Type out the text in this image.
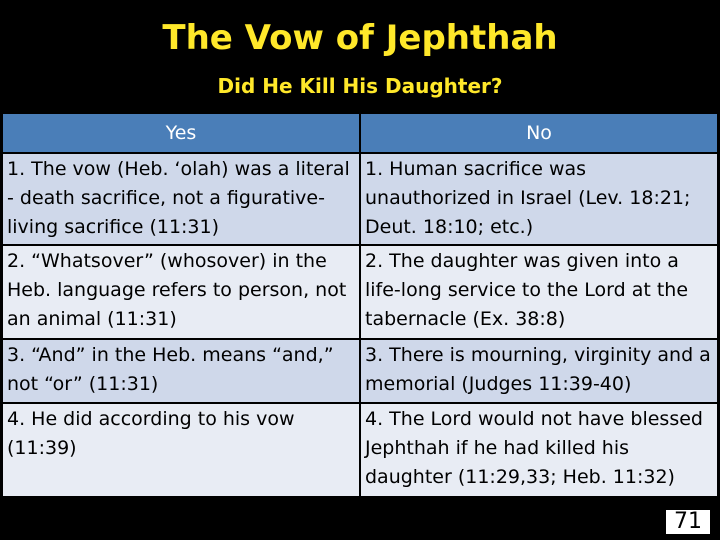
The Vow of Jephthah
Did He Kill His Daughter?
Yes	No
1. The vow (Heb. ‘olah) was a literal - death sacrifice, not a figurative-living sacrifice (11:31)
1. Human sacrifice was unauthorized in Israel (Lev. 18:21; Deut. 18:10; etc.)
2. “Whatsover” (whosover) in the Heb. language refers to person, not an animal (11:31)
2. The daughter was given into a life-long service to the Lord at the tabernacle (Ex. 38:8)
3. “And” in the Heb. means “and,” not “or” (11:31)
3. There is mourning, virginity and a memorial (Judges 11:39-40)
4. He did according to his vow (11:39)
4. The Lord would not have blessed Jephthah if he had killed his daughter (11:29,33; Heb. 11:32)
71
